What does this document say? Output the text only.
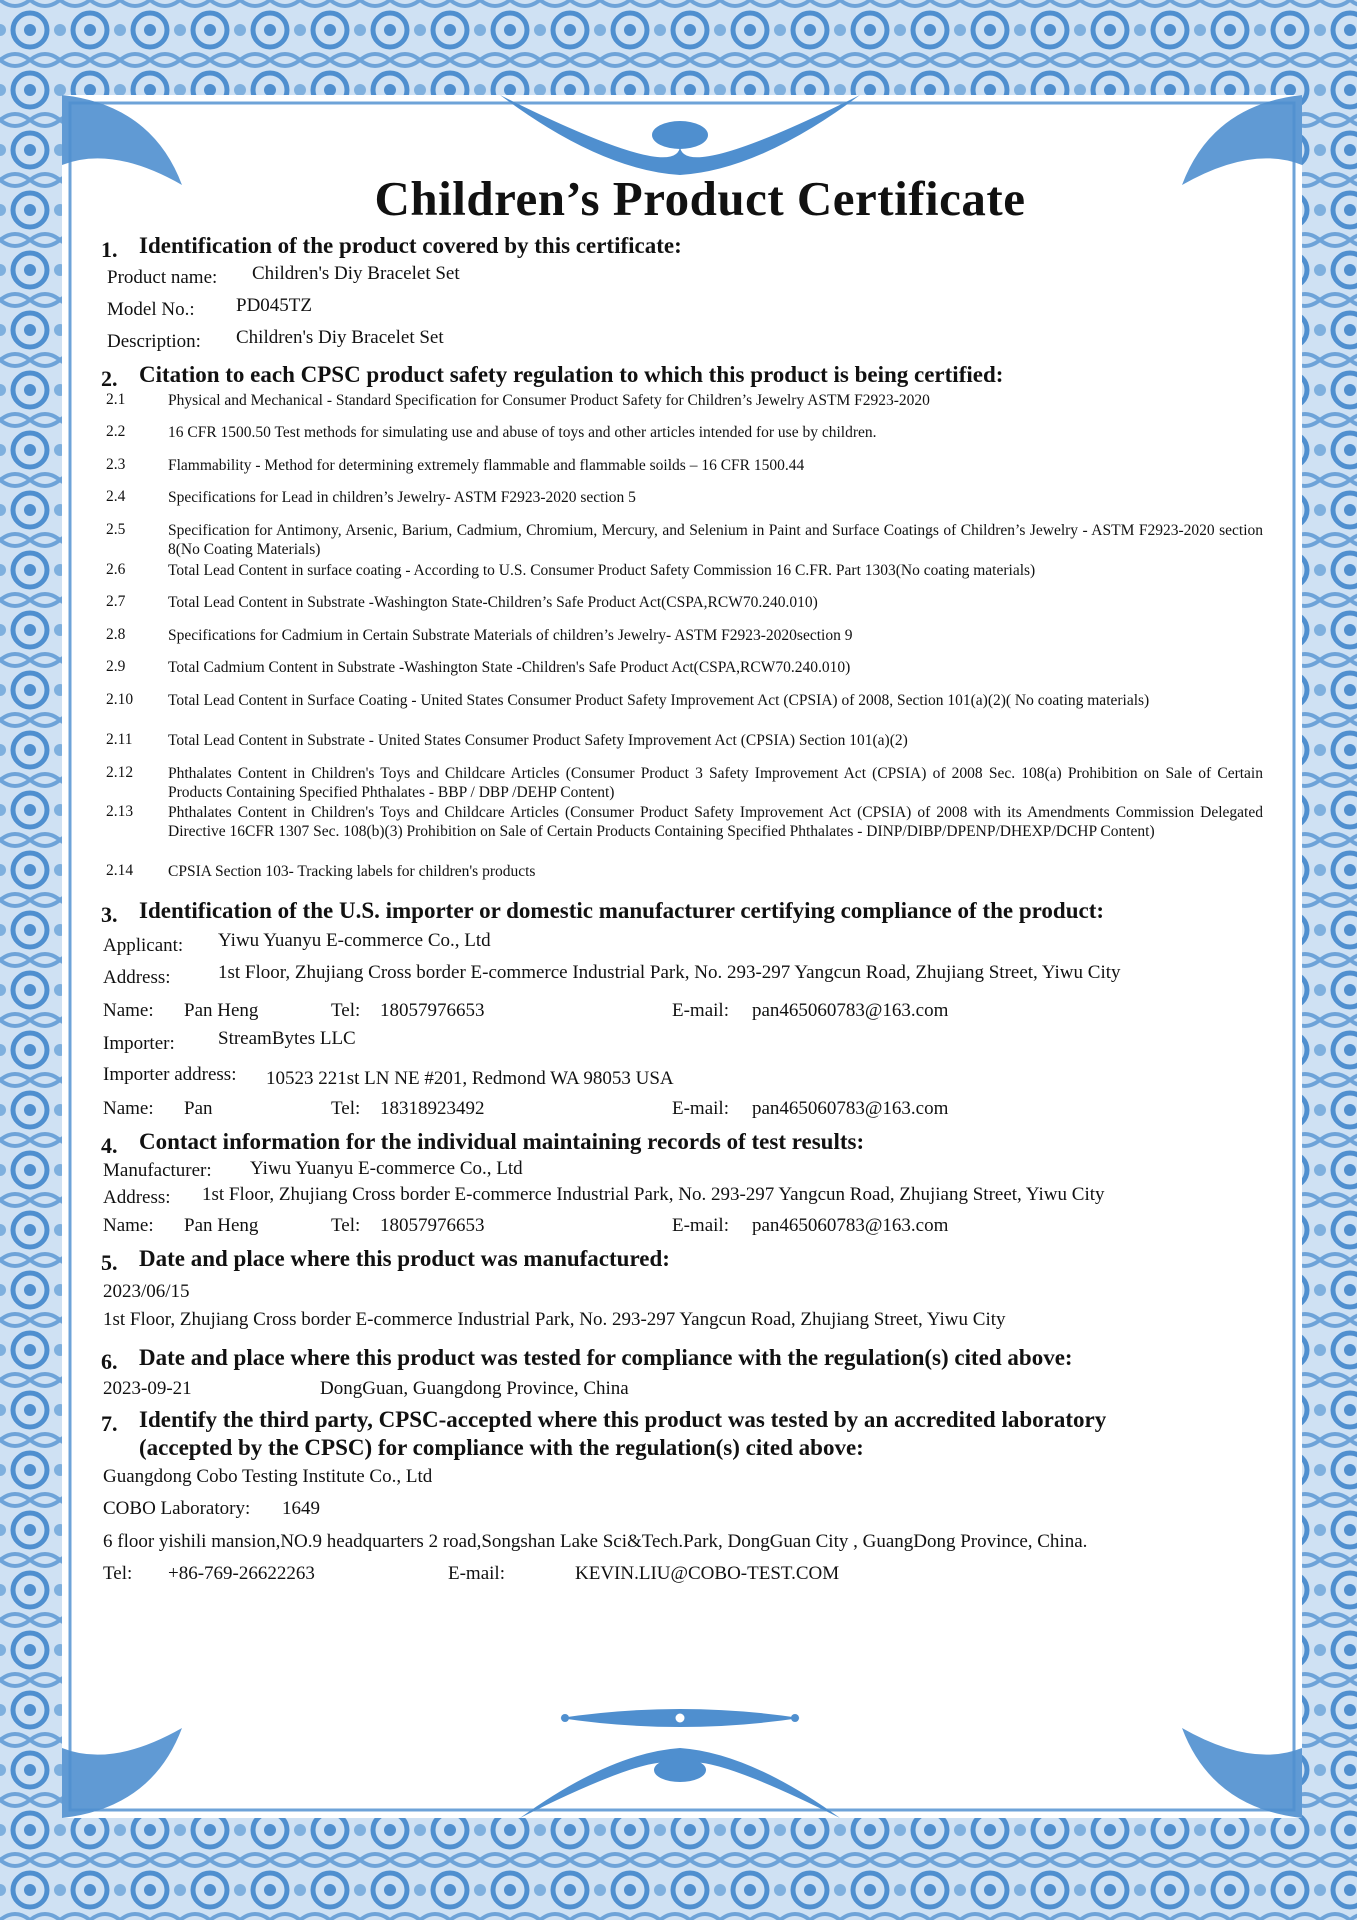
Children’s Product Certificate
1. Identification of the product covered by this certificate:
Product name: Children's Diy Bracelet Set
Model No.: PD045TZ
Description: Children's Diy Bracelet Set
2. Citation to each CPSC product safety regulation to which this product is being certified:
2.1	Physical and Mechanical - Standard Specification for Consumer Product Safety for Children’s Jewelry ASTM F2923-2020
2.2	16 CFR 1500.50 Test methods for simulating use and abuse of toys and other articles intended for use by children.
2.3	Flammability - Method for determining extremely flammable and flammable soilds – 16 CFR 1500.44
2.4	Specifications for Lead in children’s Jewelry- ASTM F2923-2020 section 5
2.5	Specification for Antimony, Arsenic, Barium, Cadmium, Chromium, Mercury, and Selenium in Paint and Surface Coatings of Children’s Jewelry - ASTM F2923-2020 section 8(No Coating Materials)
2.6	Total Lead Content in surface coating - According to U.S. Consumer Product Safety Commission 16 C.FR. Part 1303(No coating materials)
2.7	Total Lead Content in Substrate -Washington State-Children’s Safe Product Act(CSPA,RCW70.240.010)
2.8	Specifications for Cadmium in Certain Substrate Materials of children’s Jewelry- ASTM F2923-2020section 9
2.9	Total Cadmium Content in Substrate -Washington State -Children's Safe Product Act(CSPA,RCW70.240.010)
2.10 Total Lead Content in Surface Coating - United States Consumer Product Safety Improvement Act (CPSIA) of 2008, Section 101(a)(2)( No coating materials)
2.11 Total Lead Content in Substrate - United States Consumer Product Safety Improvement Act (CPSIA) Section 101(a)(2)
2.12 Phthalates Content in Children's Toys and Childcare Articles (Consumer Product 3 Safety Improvement Act (CPSIA) of 2008 Sec. 108(a) Prohibition on Sale of Certain Products Containing Specified Phthalates - BBP / DBP /DEHP Content)
2.13 Phthalates Content in Children's Toys and Childcare Articles (Consumer Product Safety Improvement Act (CPSIA) of 2008 with its Amendments Commission Delegated Directive 16CFR 1307 Sec. 108(b)(3) Prohibition on Sale of Certain Products Containing Specified Phthalates - DINP/DIBP/DPENP/DHEXP/DCHP Content)
2.14 CPSIA Section 103- Tracking labels for children's products
3. Identification of the U.S. importer or domestic manufacturer certifying compliance of the product:
Applicant: Yiwu Yuanyu E-commerce Co., Ltd
Address: 1st Floor, Zhujiang Cross border E-commerce Industrial Park, No. 293-297 Yangcun Road, Zhujiang Street, Yiwu City
Name: Pan Heng	Tel: 18057976653	E-mail: pan465060783@163.com
Importer: StreamBytes LLC
Importer address: 10523 221st LN NE #201, Redmond WA 98053 USA
Name: Pan	Tel: 18318923492	E-mail: pan465060783@163.com
4. Contact information for the individual maintaining records of test results:
Manufacturer: Yiwu Yuanyu E-commerce Co., Ltd
Address: 1st Floor, Zhujiang Cross border E-commerce Industrial Park, No. 293-297 Yangcun Road, Zhujiang Street, Yiwu City
Name: Pan Heng	Tel: 18057976653	E-mail: pan465060783@163.com
5. Date and place where this product was manufactured:
2023/06/15
1st Floor, Zhujiang Cross border E-commerce Industrial Park, No. 293-297 Yangcun Road, Zhujiang Street, Yiwu City
6. Date and place where this product was tested for compliance with the regulation(s) cited above:
2023-09-21	DongGuan, Guangdong Province, China
7. Identify the third party, CPSC-accepted where this product was tested by an accredited laboratory
(accepted by the CPSC) for compliance with the regulation(s) cited above:
Guangdong Cobo Testing Institute Co., Ltd
COBO Laboratory: 1649
6 floor yishili mansion,NO.9 headquarters 2 road,Songshan Lake Sci&Tech.Park, DongGuan City , GuangDong Province, China.
Tel: +86-769-26622263	E-mail:	KEVIN.LIU@COBO-TEST.COM
